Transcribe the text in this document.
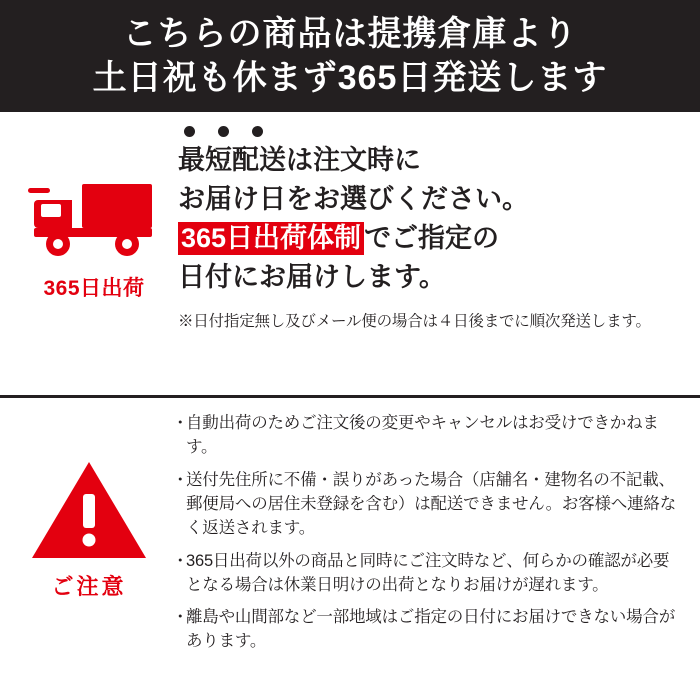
こちらの商品は提携倉庫より
土日祝も休まず365日発送します
365日出荷
最短配送は注文時に
お届け日をお選びください。
365日出荷体制 でご指定の
日付にお届けします。
※日付指定無し及びメール便の場合は４日後までに順次発送します。
ご注意
・
自動出荷のためご注文後の変更やキャンセルはお受けできかねます。
・
送付先住所に不備・誤りがあった場合（店舗名・建物名の不記載、郵便局への居住未登録を含む）は配送できません。お客様へ連絡なく返送されます。
・
365日出荷以外の商品と同時にご注文時など、何らかの確認が必要となる場合は休業日明けの出荷となりお届けが遅れます。
・
離島や山間部など一部地域はご指定の日付にお届けできない場合があります。
